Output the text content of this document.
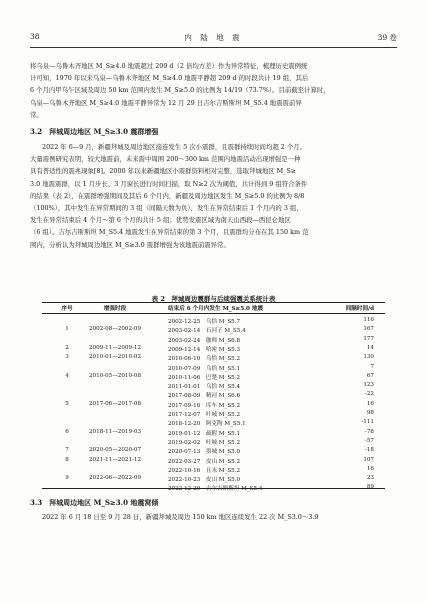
38	内 陆 地 震	39 卷
将乌泉—乌鲁木齐地区 M_S≥4.0 地震超过 209 d（2 倍均方差）作为异常特征，梳理历史震例统
计可知，1970 年以来乌泉—乌鲁木齐地区 M_S≥4.0 地震平静超 209 d 的时段共计 19 组，其后
6 个月内甲乌乍区域及周边 50 km 范围内发生 M_S≥5.0 的比例为 14/19（73.7%）。目前截至计算时，
乌泉—乌鲁木齐地区 M_S≥4.0 地震平静异常为 12 月 29 日吉尔吉斯斯坦 M_S5.4 地震震前异
常。
3.2　拜城周边地区 M_S≥3.0 震群增强
2022 年 6—9 月，新疆拜城及周边地区接连发生 5 次小震群，且震群持续时间均超 2 个月。
大量震例研究表明，较大地震前，未来震中周围 200～300 km 范围内地震活动出现增强是一种
具有普适性的震兆现象[8]。2000 年以来新疆地区小震群资料相对完整，选取拜城地区 M_S≥
3.0 地震震群，以 1 月步长、3 月窗长进行时间扫描，取 N≥2 次为阈值，共计得到 9 组符合条件
的结果（表 2），在震群增强期间及其后 6 个月内，新疆及周边地区发生 M_S≥5.0 的比例为 8/8
（100%），其中发生在异常期间的 3 组（间隔天数为负），发生在异常结束后 1 个月内的 3 组，
发生在异常结束后 4 个月～第 6 个月的共计 5 组；优势发震区域为南天山西段—西昆仑地区
（6 组）。吉尔吉斯斯坦 M_S5.4 地震发生在异常结束的第 3 个月，且震群均分布在其 150 km 范
围内，分析认为拜城周边地区 M_S≥3.0 震群增强为该地震前震异常。
表 2　拜城周边震群与后续强震关系统计表
序号	增强时段	结束后 6 个月内发生 M_S≥5.0 地震	间隔时间/d
1	2002-08—2002-09
2002-12-25　乌恰 M_S5.7	116
2003-02-14　石河子 M_S5.4	167
2003-02-24　伽师 M_S6.8	177
2	2009-11—2009-12	2009-12-14　哈密 M_S5.3	14
3	2010-01—2010-02	2010-06-10　乌恰 M_S5.2	130
4	2010-05—2010-08
2010-07-09　乌恰 M_S5.1	7
2010-11-06　巴楚 M_S5.2	67
2011-01-01　乌恰 M_S5.4	123
5	2017-06—2017-08
2017-08-09　精河 M_S6.6	-22
2017-09-16　库车 M_S5.2	16
2017-12-07　叶城 M_S5.2	98
6	2018-11—2019-03
2018-12-20　阿克陶 M_S5.1	-111
2019-01-12　疏附 M_S5.1	-78
2019-02-02　叶城 M_S5.2	-57
7	2020-05—2020-07	2020-07-13　墨城 M_S5.0	-18
8	2021-11—2021-12	2022-03-27　皮山 M_S5.2	107
9	2022-06—2022-09
2022-10-16　且末 M_S5.2	16
2022-10-23　皮山 M_S5.0	23
2022-12-29　吉尔吉斯斯坦 M_S5.4	89
3.3　拜城周边地区 M_S≥3.0 地震窝倾
2022 年 6 月 18 日至 9 月 28 日，新疆拜城及周边 150 km 地区连续发生 22 次 M_S3.0～3.9
